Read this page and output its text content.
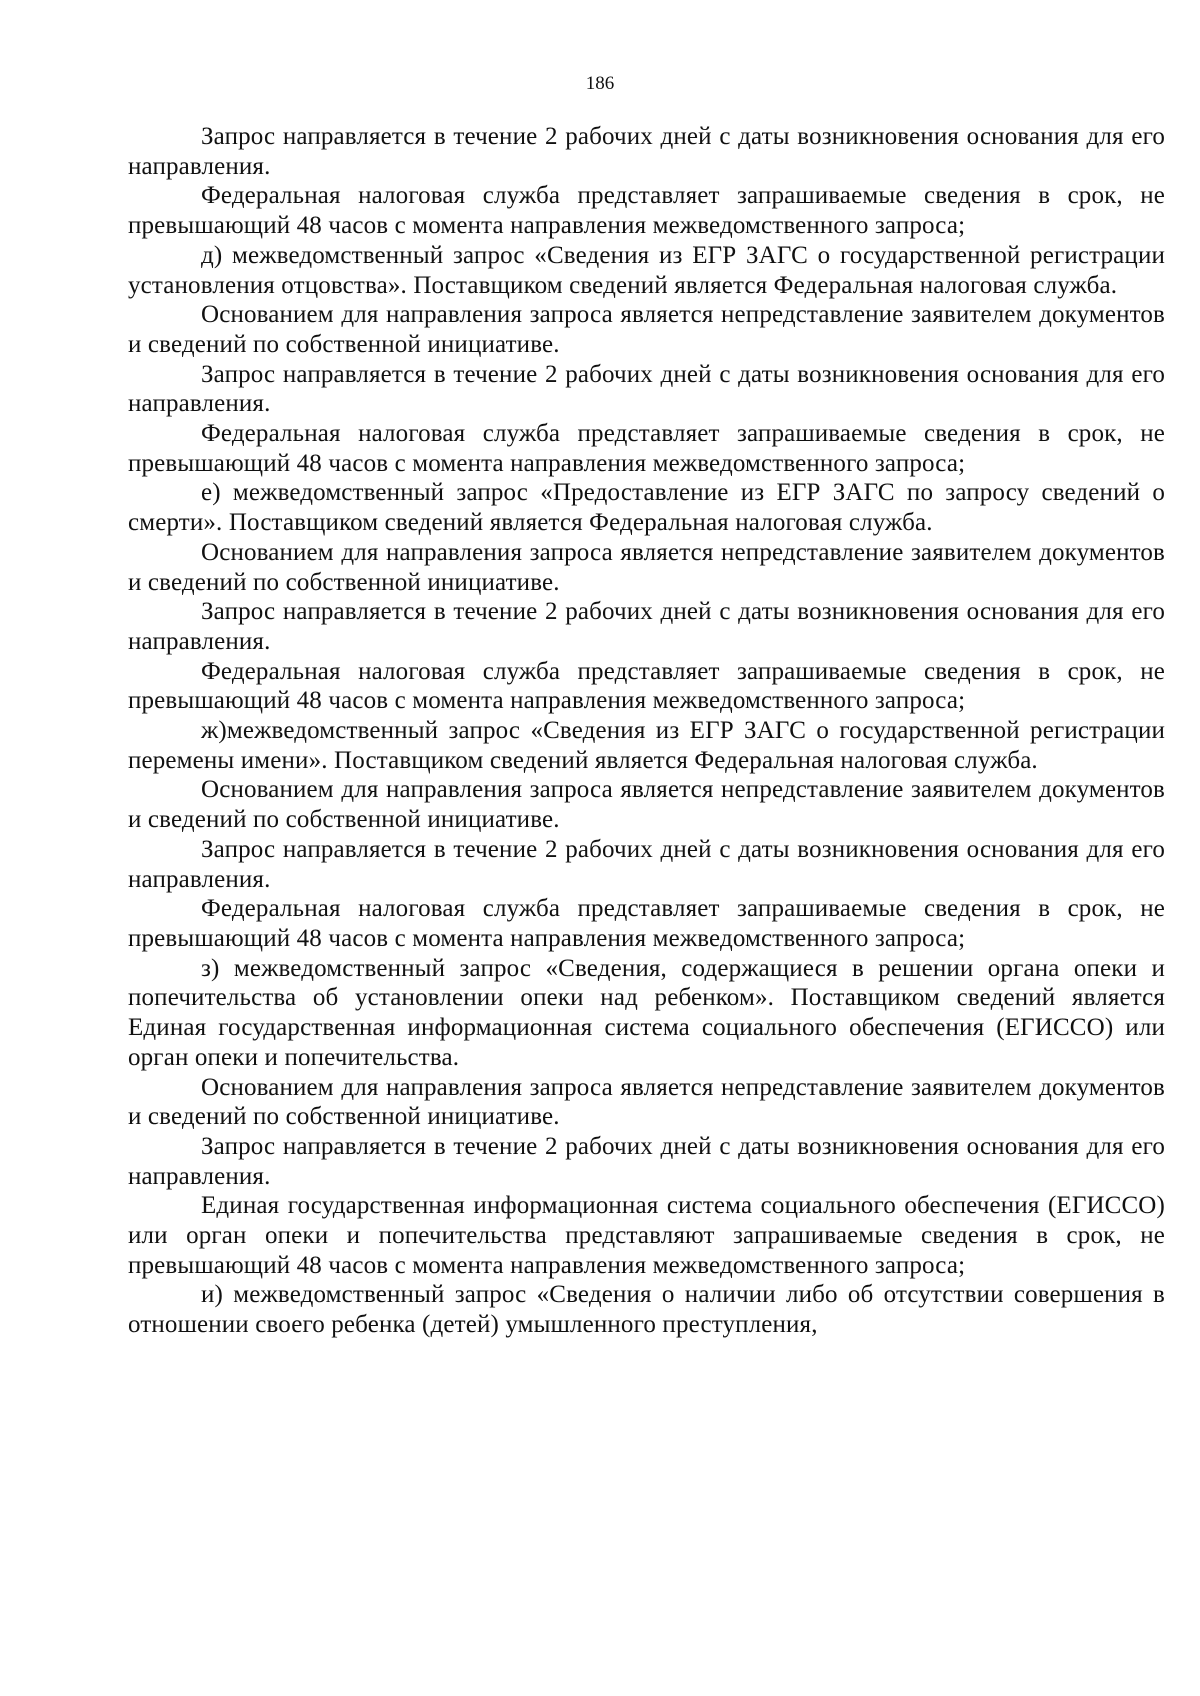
186

Запрос направляется в течение 2 рабочих дней с даты возникновения основания для его направления.

Федеральная налоговая служба представляет запрашиваемые сведения в срок, не превышающий 48 часов с момента направления межведомственного запроса;

д) межведомственный запрос «Сведения из ЕГР ЗАГС о государственной регистрации установления отцовства». Поставщиком сведений является Федеральная налоговая служба.

Основанием для направления запроса является непредставление заявителем документов и сведений по собственной инициативе.

Запрос направляется в течение 2 рабочих дней с даты возникновения основания для его направления.

Федеральная налоговая служба представляет запрашиваемые сведения в срок, не превышающий 48 часов с момента направления межведомственного запроса;

е) межведомственный запрос «Предоставление из ЕГР ЗАГС по запросу сведений о смерти». Поставщиком сведений является Федеральная налоговая служба.

Основанием для направления запроса является непредставление заявителем документов и сведений по собственной инициативе.

Запрос направляется в течение 2 рабочих дней с даты возникновения основания для его направления.

Федеральная налоговая служба представляет запрашиваемые сведения в срок, не превышающий 48 часов с момента направления межведомственного запроса;

ж)межведомственный запрос «Сведения из ЕГР ЗАГС о государственной регистрации перемены имени». Поставщиком сведений является Федеральная налоговая служба.

Основанием для направления запроса является непредставление заявителем документов и сведений по собственной инициативе.

Запрос направляется в течение 2 рабочих дней с даты возникновения основания для его направления.

Федеральная налоговая служба представляет запрашиваемые сведения в срок, не превышающий 48 часов с момента направления межведомственного запроса;

з) межведомственный запрос «Сведения, содержащиеся в решении органа опеки и попечительства об установлении опеки над ребенком». Поставщиком сведений является Единая государственная информационная система социального обеспечения (ЕГИССО) или орган опеки и попечительства.

Основанием для направления запроса является непредставление заявителем документов и сведений по собственной инициативе.

Запрос направляется в течение 2 рабочих дней с даты возникновения основания для его направления.

Единая государственная информационная система социального обеспечения (ЕГИССО) или орган опеки и попечительства представляют запрашиваемые сведения в срок, не превышающий 48 часов с момента направления межведомственного запроса;

и) межведомственный запрос «Сведения о наличии либо об отсутствии совершения в отношении своего ребенка (детей) умышленного преступления,
